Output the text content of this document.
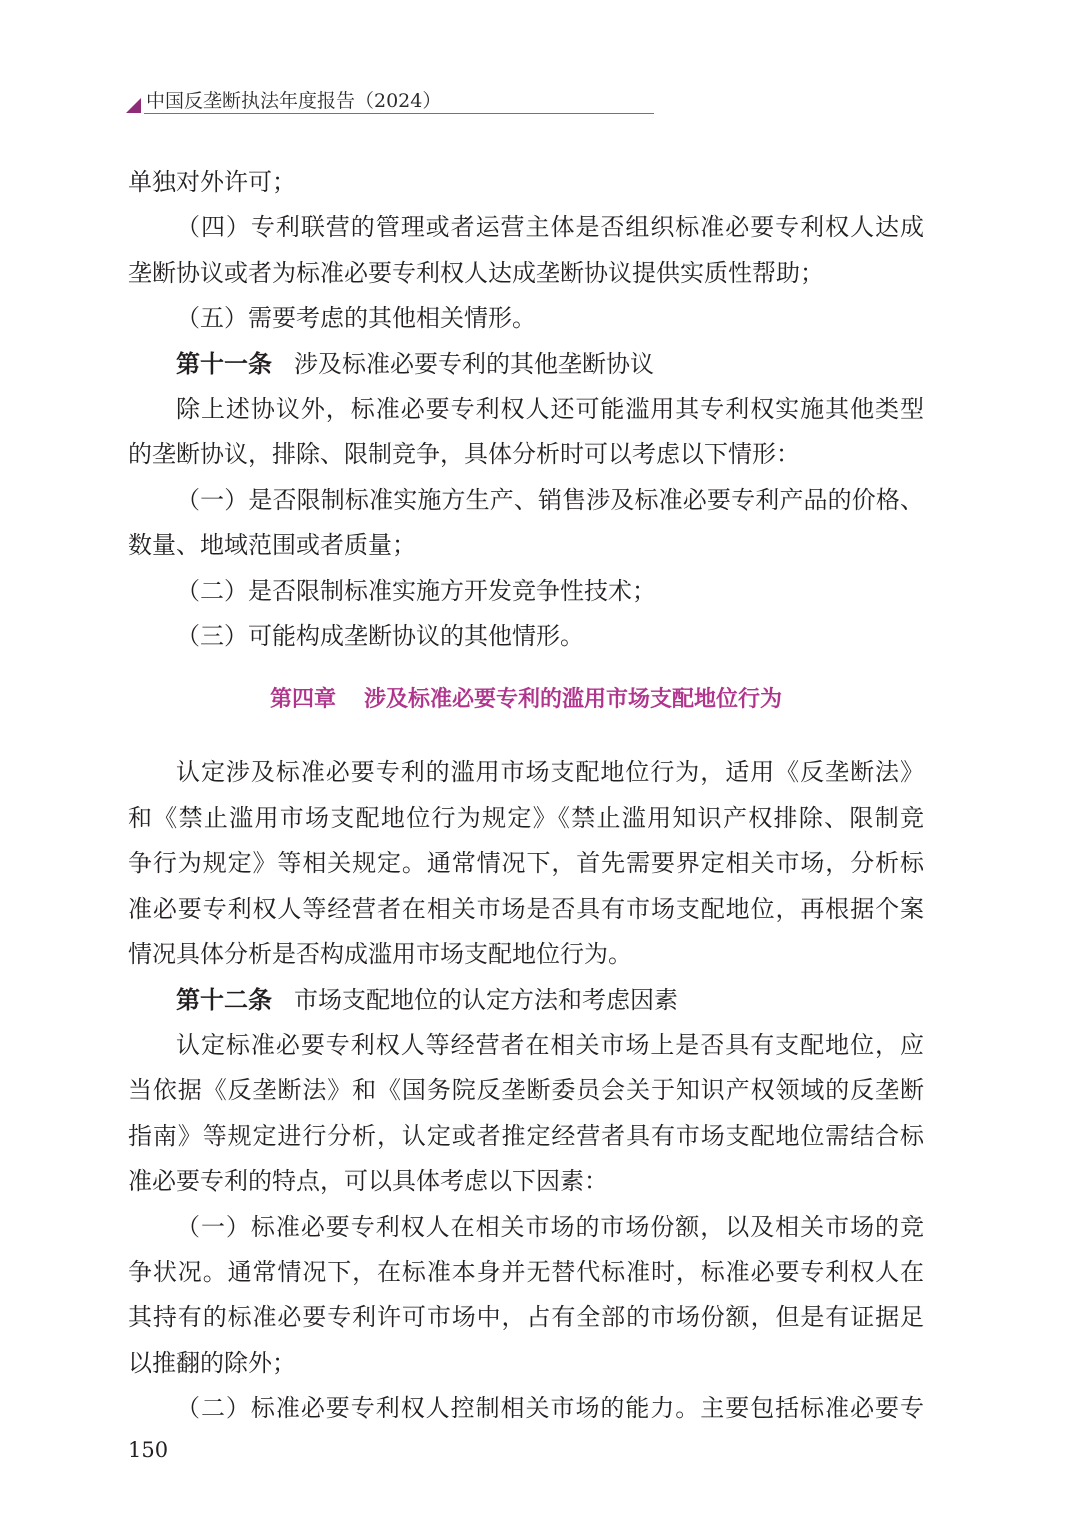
中国反垄断执法年度报告（2024）

单独对外许可；

（四）专利联营的管理或者运营主体是否组织标准必要专利权人达成

垄断协议或者为标准必要专利权人达成垄断协议提供实质性帮助；

（五）需要考虑的其他相关情形。

第十一条 涉及标准必要专利的其他垄断协议

除上述协议外，标准必要专利权人还可能滥用其专利权实施其他类型

的垄断协议，排除、限制竞争，具体分析时可以考虑以下情形：

（一）是否限制标准实施方生产、销售涉及标准必要专利产品的价格、

数量、地域范围或者质量；

（二）是否限制标准实施方开发竞争性技术；

（三）可能构成垄断协议的其他情形。

第四章 涉及标准必要专利的滥用市场支配地位行为

认定涉及标准必要专利的滥用市场支配地位行为，适用《反垄断法》

和《禁止滥用市场支配地位行为规定》《禁止滥用知识产权排除、限制竞

争行为规定》等相关规定。通常情况下，首先需要界定相关市场，分析标

准必要专利权人等经营者在相关市场是否具有市场支配地位，再根据个案

情况具体分析是否构成滥用市场支配地位行为。

第十二条 市场支配地位的认定方法和考虑因素

认定标准必要专利权人等经营者在相关市场上是否具有支配地位，应

当依据《反垄断法》和《国务院反垄断委员会关于知识产权领域的反垄断

指南》等规定进行分析，认定或者推定经营者具有市场支配地位需结合标

准必要专利的特点，可以具体考虑以下因素：

（一）标准必要专利权人在相关市场的市场份额，以及相关市场的竞

争状况。通常情况下，在标准本身并无替代标准时，标准必要专利权人在

其持有的标准必要专利许可市场中，占有全部的市场份额，但是有证据足

以推翻的除外；

（二）标准必要专利权人控制相关市场的能力。主要包括标准必要专

150
